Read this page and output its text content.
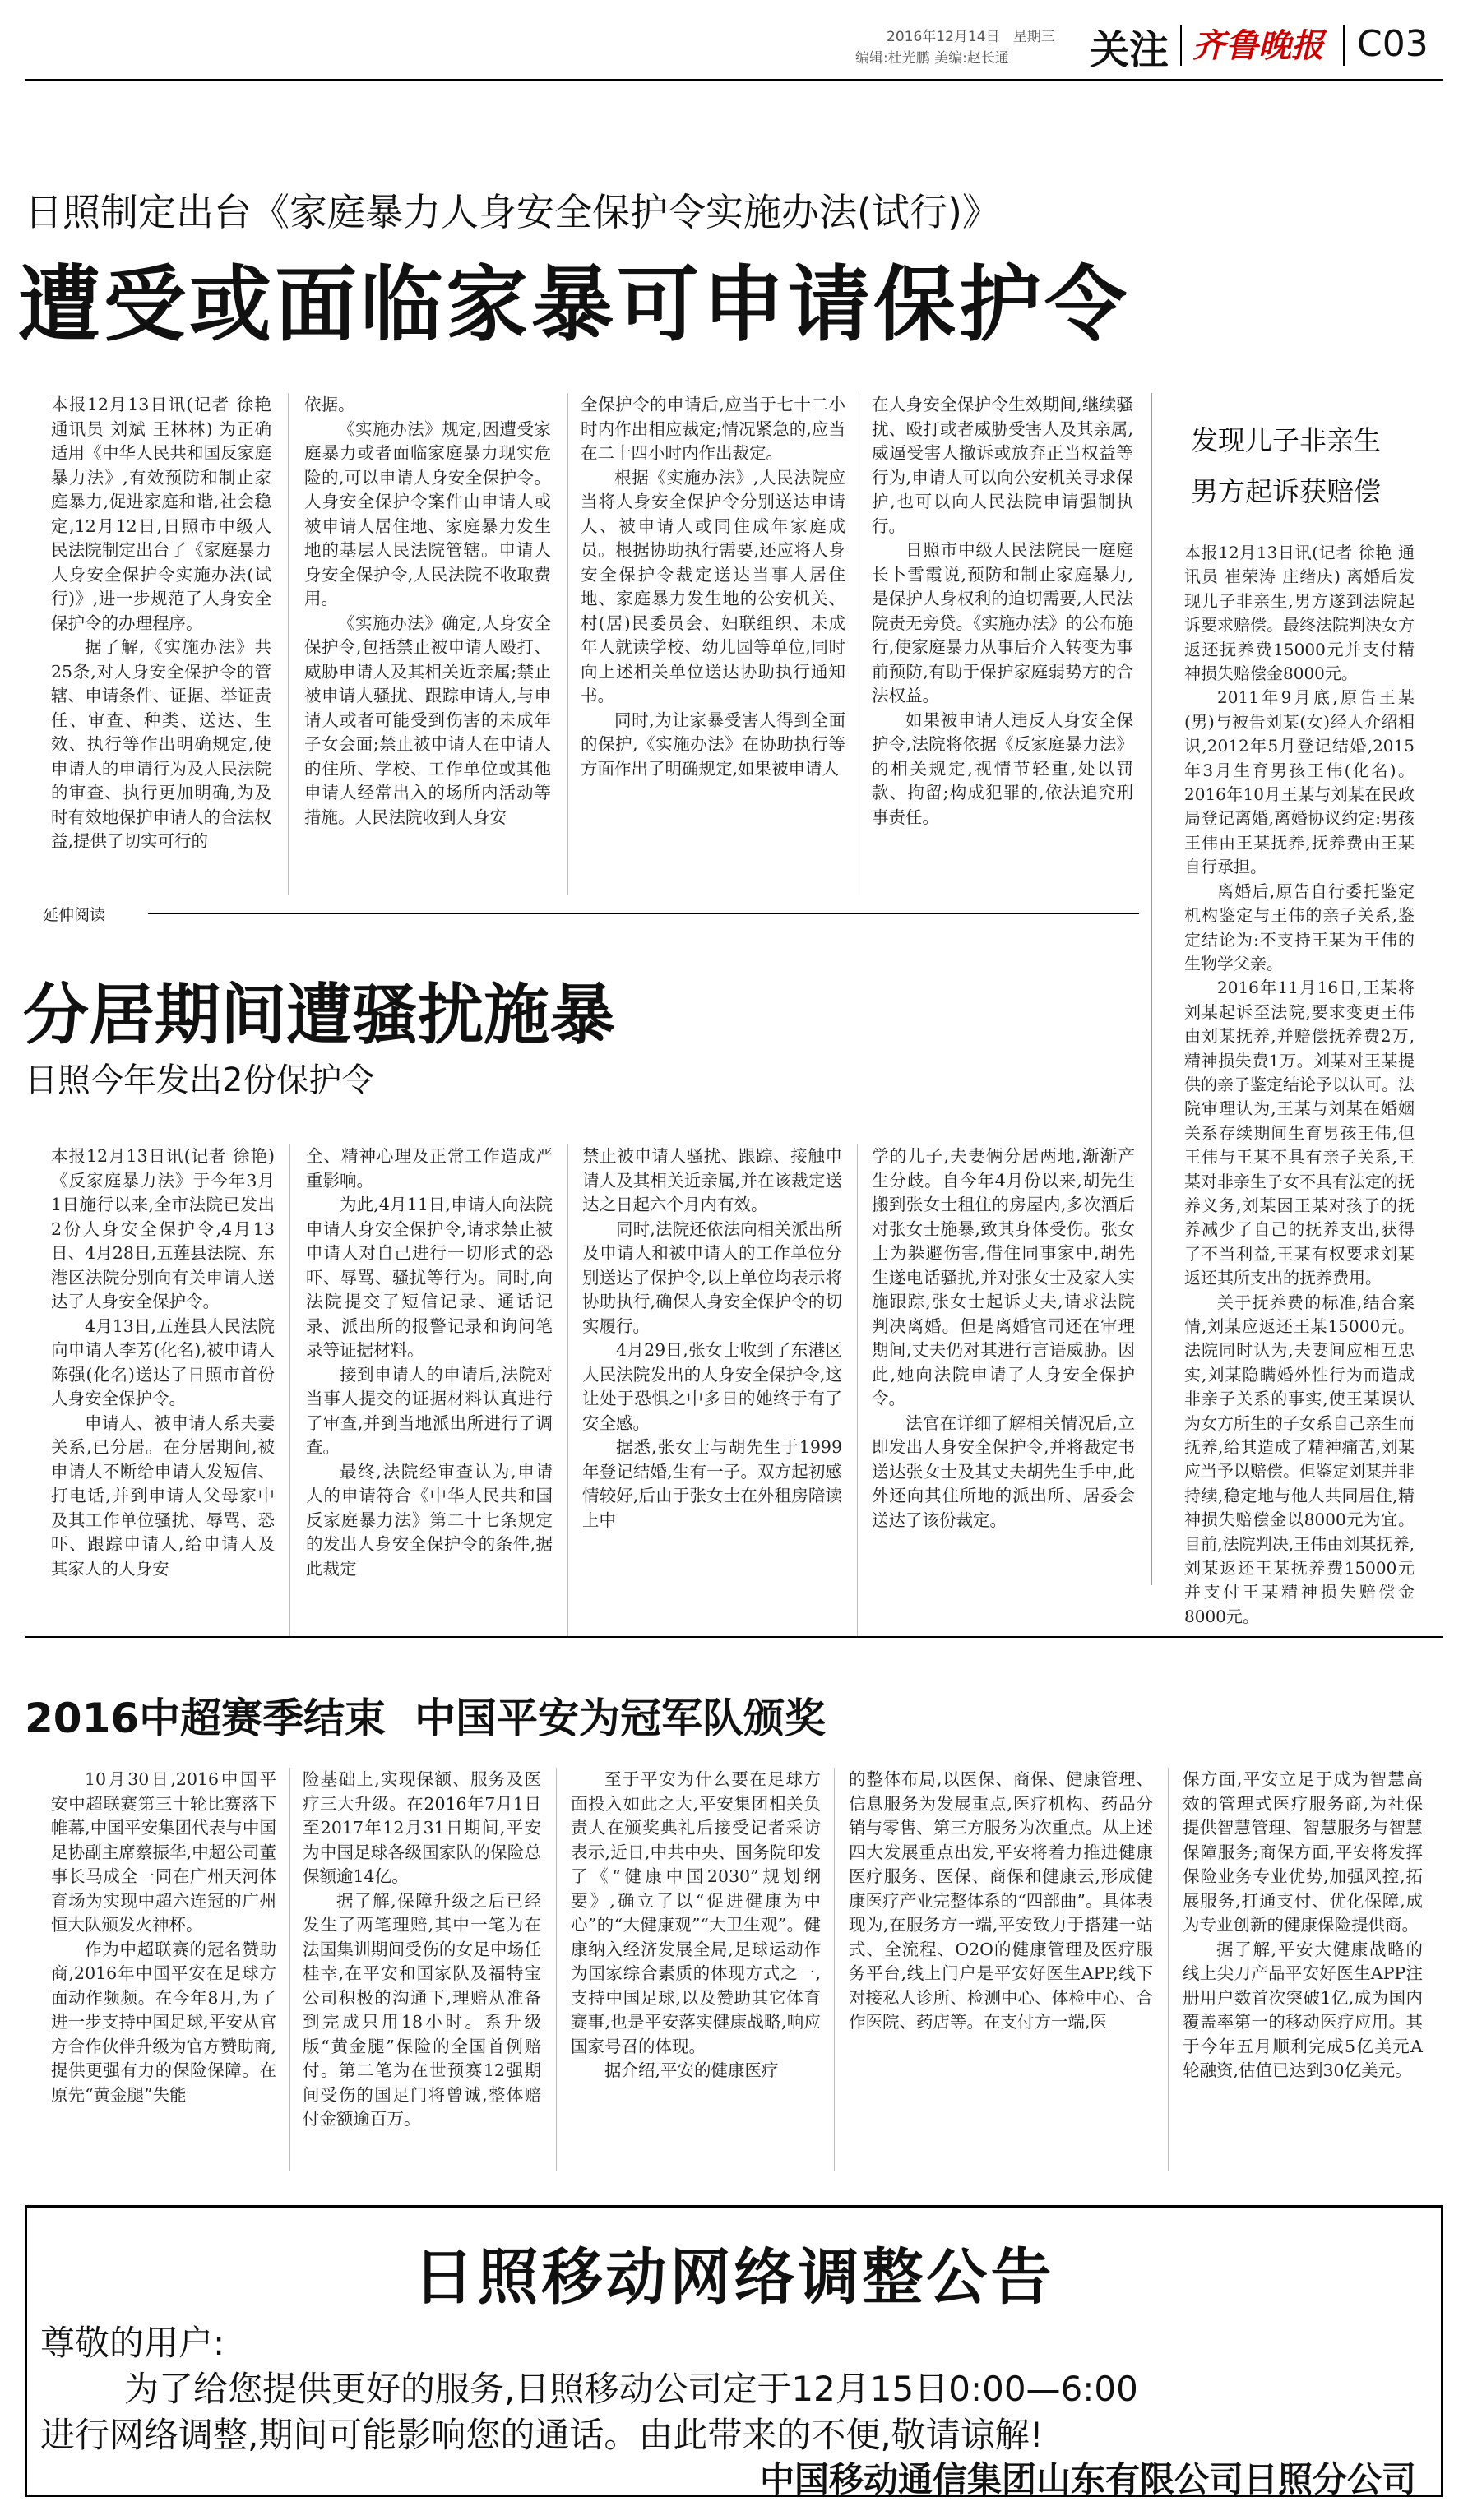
2016年12月14日 星期三
编辑:杜光鹏 美编:赵长通 关注 齐鲁晚报 C03
日照制定出台《家庭暴力人身安全保护令实施办法(试行)》
遭受或面临家暴可申请保护令

本报12月13日讯(记者 徐艳 通讯员 刘斌 王林林) 为正确适用《中华人民共和国反家庭暴力法》,有效预防和制止家庭暴力,促进家庭和谐,社会稳定,12月12日,日照市中级人民法院制定出台了《家庭暴力人身安全保护令实施办法(试行)》,进一步规范了人身安全保护令的办理程序。

据了解,《实施办法》共25条,对人身安全保护令的管辖、申请条件、证据、举证责任、审查、种类、送达、生效、执行等作出明确规定,使申请人的申请行为及人民法院的审查、执行更加明确,为及时有效地保护申请人的合法权益,提供了切实可行的

依据。

《实施办法》规定,因遭受家庭暴力或者面临家庭暴力现实危险的,可以申请人身安全保护令。人身安全保护令案件由申请人或被申请人居住地、家庭暴力发生地的基层人民法院管辖。申请人身安全保护令,人民法院不收取费用。

《实施办法》确定,人身安全保护令,包括禁止被申请人殴打、威胁申请人及其相关近亲属;禁止被申请人骚扰、跟踪申请人,与申请人或者可能受到伤害的未成年子女会面;禁止被申请人在申请人的住所、学校、工作单位或其他申请人经常出入的场所内活动等措施。人民法院收到人身安

全保护令的申请后,应当于七十二小时内作出相应裁定;情况紧急的,应当在二十四小时内作出裁定。

根据《实施办法》,人民法院应当将人身安全保护令分别送达申请人、被申请人或同住成年家庭成员。根据协助执行需要,还应将人身安全保护令裁定送达当事人居住地、家庭暴力发生地的公安机关、村(居)民委员会、妇联组织、未成年人就读学校、幼儿园等单位,同时向上述相关单位送达协助执行通知书。

同时,为让家暴受害人得到全面的保护,《实施办法》在协助执行等方面作出了明确规定,如果被申请人

在人身安全保护令生效期间,继续骚扰、殴打或者威胁受害人及其亲属,威逼受害人撤诉或放弃正当权益等行为,申请人可以向公安机关寻求保护,也可以向人民法院申请强制执行。

日照市中级人民法院民一庭庭长卜雪霞说,预防和制止家庭暴力,是保护人身权利的迫切需要,人民法院责无旁贷。《实施办法》的公布施行,使家庭暴力从事后介入转变为事前预防,有助于保护家庭弱势方的合法权益。

如果被申请人违反人身安全保护令,法院将依据《反家庭暴力法》的相关规定,视情节轻重,处以罚款、拘留;构成犯罪的,依法追究刑事责任。

发现儿子非亲生
男方起诉获赔偿

本报12月13日讯(记者 徐艳 通讯员 崔荣涛 庄绪庆) 离婚后发现儿子非亲生,男方遂到法院起诉要求赔偿。最终法院判决女方返还抚养费15000元并支付精神损失赔偿金8000元。

2011年9月底,原告王某(男)与被告刘某(女)经人介绍相识,2012年5月登记结婚,2015年3月生育男孩王伟(化名)。2016年10月王某与刘某在民政局登记离婚,离婚协议约定:男孩王伟由王某抚养,抚养费由王某自行承担。

离婚后,原告自行委托鉴定机构鉴定与王伟的亲子关系,鉴定结论为:不支持王某为王伟的生物学父亲。

2016年11月16日,王某将刘某起诉至法院,要求变更王伟由刘某抚养,并赔偿抚养费2万,精神损失费1万。刘某对王某提供的亲子鉴定结论予以认可。法院审理认为,王某与刘某在婚姻关系存续期间生育男孩王伟,但王伟与王某不具有亲子关系,王某对非亲生子女不具有法定的抚养义务,刘某因王某对孩子的抚养减少了自己的抚养支出,获得了不当利益,王某有权要求刘某返还其所支出的抚养费用。

关于抚养费的标准,结合案情,刘某应返还王某15000元。法院同时认为,夫妻间应相互忠实,刘某隐瞒婚外性行为而造成非亲子关系的事实,使王某误认为女方所生的子女系自己亲生而抚养,给其造成了精神痛苦,刘某应当予以赔偿。但鉴定刘某并非持续,稳定地与他人共同居住,精神损失赔偿金以8000元为宜。目前,法院判决,王伟由刘某抚养,刘某返还王某抚养费15000元并支付王某精神损失赔偿金8000元。

延伸阅读
分居期间遭骚扰施暴
日照今年发出2份保护令

本报12月13日讯(记者 徐艳) 《反家庭暴力法》于今年3月1日施行以来,全市法院已发出2份人身安全保护令,4月13日、4月28日,五莲县法院、东港区法院分别向有关申请人送达了人身安全保护令。

4月13日,五莲县人民法院向申请人李芳(化名),被申请人陈强(化名)送达了日照市首份人身安全保护令。

申请人、被申请人系夫妻关系,已分居。在分居期间,被申请人不断给申请人发短信、打电话,并到申请人父母家中及其工作单位骚扰、辱骂、恐吓、跟踪申请人,给申请人及其家人的人身安

全、精神心理及正常工作造成严重影响。

为此,4月11日,申请人向法院申请人身安全保护令,请求禁止被申请人对自己进行一切形式的恐吓、辱骂、骚扰等行为。同时,向法院提交了短信记录、通话记录、派出所的报警记录和询问笔录等证据材料。

接到申请人的申请后,法院对当事人提交的证据材料认真进行了审查,并到当地派出所进行了调查。

最终,法院经审查认为,申请人的申请符合《中华人民共和国反家庭暴力法》第二十七条规定的发出人身安全保护令的条件,据此裁定

禁止被申请人骚扰、跟踪、接触申请人及其相关近亲属,并在该裁定送达之日起六个月内有效。

同时,法院还依法向相关派出所及申请人和被申请人的工作单位分别送达了保护令,以上单位均表示将协助执行,确保人身安全保护令的切实履行。

4月29日,张女士收到了东港区人民法院发出的人身安全保护令,这让处于恐惧之中多日的她终于有了安全感。

据悉,张女士与胡先生于1999年登记结婚,生有一子。双方起初感情较好,后由于张女士在外租房陪读上中

学的儿子,夫妻俩分居两地,渐渐产生分歧。自今年4月份以来,胡先生搬到张女士租住的房屋内,多次酒后对张女士施暴,致其身体受伤。张女士为躲避伤害,借住同事家中,胡先生遂电话骚扰,并对张女士及家人实施跟踪,张女士起诉丈夫,请求法院判决离婚。但是离婚官司还在审理期间,丈夫仍对其进行言语威胁。因此,她向法院申请了人身安全保护令。

法官在详细了解相关情况后,立即发出人身安全保护令,并将裁定书送达张女士及其丈夫胡先生手中,此外还向其住所地的派出所、居委会送达了该份裁定。

2016中超赛季结束  中国平安为冠军队颁奖

10月30日,2016中国平安中超联赛第三十轮比赛落下帷幕,中国平安集团代表与中国足协副主席蔡振华,中超公司董事长马成全一同在广州天河体育场为实现中超六连冠的广州恒大队颁发火神杯。

作为中超联赛的冠名赞助商,2016年中国平安在足球方面动作频频。在今年8月,为了进一步支持中国足球,平安从官方合作伙伴升级为官方赞助商,提供更强有力的保险保障。在原先“黄金腿”失能

险基础上,实现保额、服务及医疗三大升级。在2016年7月1日至2017年12月31日期间,平安为中国足球各级国家队的保险总保额逾14亿。

据了解,保障升级之后已经发生了两笔理赔,其中一笔为在法国集训期间受伤的女足中场任桂幸,在平安和国家队及福特宝公司积极的沟通下,理赔从准备到完成只用18小时。系升级版“黄金腿”保险的全国首例赔付。第二笔为在世预赛12强期间受伤的国足门将曾诚,整体赔付金额逾百万。

至于平安为什么要在足球方面投入如此之大,平安集团相关负责人在颁奖典礼后接受记者采访表示,近日,中共中央、国务院印发了《“健康中国2030”规划纲要》,确立了以“促进健康为中心”的“大健康观”“大卫生观”。健康纳入经济发展全局,足球运动作为国家综合素质的体现方式之一,支持中国足球,以及赞助其它体育赛事,也是平安落实健康战略,响应国家号召的体现。

据介绍,平安的健康医疗

的整体布局,以医保、商保、健康管理、信息服务为发展重点,医疗机构、药品分销与零售、第三方服务为次重点。从上述四大发展重点出发,平安将着力推进健康医疗服务、医保、商保和健康云,形成健康医疗产业完整体系的“四部曲”。具体表现为,在服务方一端,平安致力于搭建一站式、全流程、O2O的健康管理及医疗服务平台,线上门户是平安好医生APP,线下对接私人诊所、检测中心、体检中心、合作医院、药店等。在支付方一端,医

保方面,平安立足于成为智慧高效的管理式医疗服务商,为社保提供智慧管理、智慧服务与智慧保障服务;商保方面,平安将发挥保险业务专业优势,加强风控,拓展服务,打通支付、优化保障,成为专业创新的健康保险提供商。

据了解,平安大健康战略的线上尖刀产品平安好医生APP注册用户数首次突破1亿,成为国内覆盖率第一的移动医疗应用。其于今年五月顺利完成5亿美元A轮融资,估值已达到30亿美元。

日照移动网络调整公告
尊敬的用户:
为了给您提供更好的服务,日照移动公司定于12月15日0:00—6:00
进行网络调整,期间可能影响您的通话。由此带来的不便,敬请谅解!
中国移动通信集团山东有限公司日照分公司
